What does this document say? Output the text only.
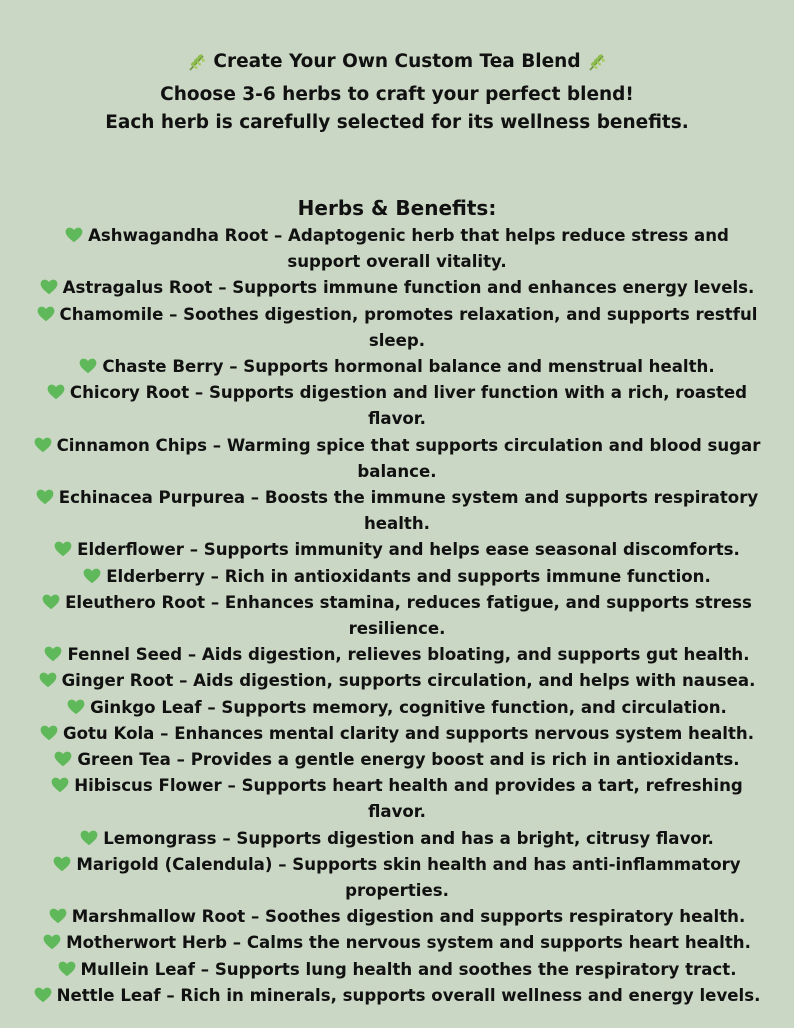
Create Your Own Custom Tea Blend
Choose 3-6 herbs to craft your perfect blend!
Each herb is carefully selected for its wellness benefits.
Herbs & Benefits:
Ashwagandha Root – Adaptogenic herb that helps reduce stress and support overall vitality.
Astragalus Root – Supports immune function and enhances energy levels.
Chamomile – Soothes digestion, promotes relaxation, and supports restful sleep.
Chaste Berry – Supports hormonal balance and menstrual health.
Chicory Root – Supports digestion and liver function with a rich, roasted flavor.
Cinnamon Chips – Warming spice that supports circulation and blood sugar balance.
Echinacea Purpurea – Boosts the immune system and supports respiratory health.
Elderflower – Supports immunity and helps ease seasonal discomforts.
Elderberry – Rich in antioxidants and supports immune function.
Eleuthero Root – Enhances stamina, reduces fatigue, and supports stress resilience.
Fennel Seed – Aids digestion, relieves bloating, and supports gut health.
Ginger Root – Aids digestion, supports circulation, and helps with nausea.
Ginkgo Leaf – Supports memory, cognitive function, and circulation.
Gotu Kola – Enhances mental clarity and supports nervous system health.
Green Tea – Provides a gentle energy boost and is rich in antioxidants.
Hibiscus Flower – Supports heart health and provides a tart, refreshing flavor.
Lemongrass – Supports digestion and has a bright, citrusy flavor.
Marigold (Calendula) – Supports skin health and has anti-inflammatory properties.
Marshmallow Root – Soothes digestion and supports respiratory health.
Motherwort Herb – Calms the nervous system and supports heart health.
Mullein Leaf – Supports lung health and soothes the respiratory tract.
Nettle Leaf – Rich in minerals, supports overall wellness and energy levels.
